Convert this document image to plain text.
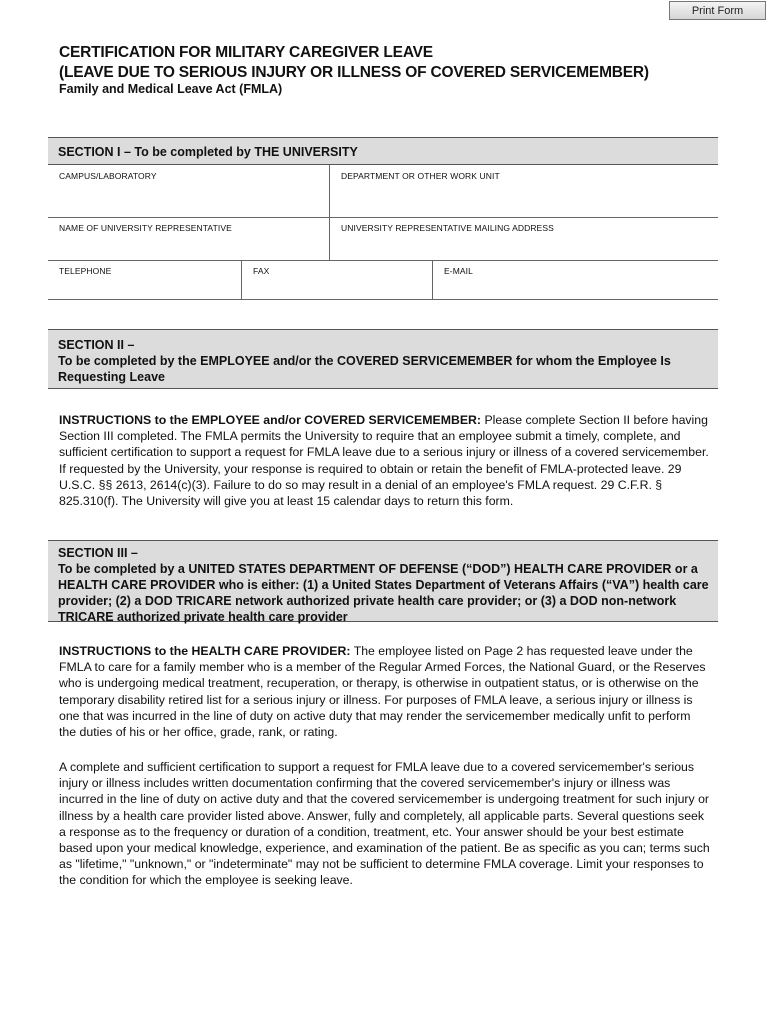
Print Form
CERTIFICATION FOR MILITARY CAREGIVER LEAVE
(LEAVE DUE TO SERIOUS INJURY OR ILLNESS OF COVERED SERVICEMEMBER)
Family and Medical Leave Act (FMLA)
SECTION I – To be completed by THE UNIVERSITY
CAMPUS/LABORATORY	DEPARTMENT OR OTHER WORK UNIT
NAME OF UNIVERSITY REPRESENTATIVE	UNIVERSITY REPRESENTATIVE MAILING ADDRESS
TELEPHONE	FAX	E-MAIL
SECTION II –
To be completed by the EMPLOYEE and/or the COVERED SERVICEMEMBER for whom the Employee Is Requesting Leave
INSTRUCTIONS to the EMPLOYEE and/or COVERED SERVICEMEMBER: Please complete Section II before having Section III completed. The FMLA permits the University to require that an employee submit a timely, complete, and sufficient certification to support a request for FMLA leave due to a serious injury or illness of a covered servicemember. If requested by the University, your response is required to obtain or retain the benefit of FMLA-protected leave. 29 U.S.C. §§ 2613, 2614(c)(3). Failure to do so may result in a denial of an employee's FMLA request. 29 C.F.R. § 825.310(f). The University will give you at least 15 calendar days to return this form.
SECTION III –
To be completed by a UNITED STATES DEPARTMENT OF DEFENSE (“DOD”) HEALTH CARE PROVIDER or a HEALTH CARE PROVIDER who is either: (1) a United States Department of Veterans Affairs (“VA”) health care provider; (2) a DOD TRICARE network authorized private health care provider; or (3) a DOD non-network TRICARE authorized private health care provider
INSTRUCTIONS to the HEALTH CARE PROVIDER: The employee listed on Page 2 has requested leave under the FMLA to care for a family member who is a member of the Regular Armed Forces, the National Guard, or the Reserves who is undergoing medical treatment, recuperation, or therapy, is otherwise in outpatient status, or is otherwise on the temporary disability retired list for a serious injury or illness. For purposes of FMLA leave, a serious injury or illness is one that was incurred in the line of duty on active duty that may render the servicemember medically unfit to perform the duties of his or her office, grade, rank, or rating.
A complete and sufficient certification to support a request for FMLA leave due to a covered servicemember's serious injury or illness includes written documentation confirming that the covered servicemember's injury or illness was incurred in the line of duty on active duty and that the covered servicemember is undergoing treatment for such injury or illness by a health care provider listed above. Answer, fully and completely, all applicable parts. Several questions seek a response as to the frequency or duration of a condition, treatment, etc. Your answer should be your best estimate based upon your medical knowledge, experience, and examination of the patient. Be as specific as you can; terms such as "lifetime," "unknown," or "indeterminate" may not be sufficient to determine FMLA coverage. Limit your responses to the condition for which the employee is seeking leave.
